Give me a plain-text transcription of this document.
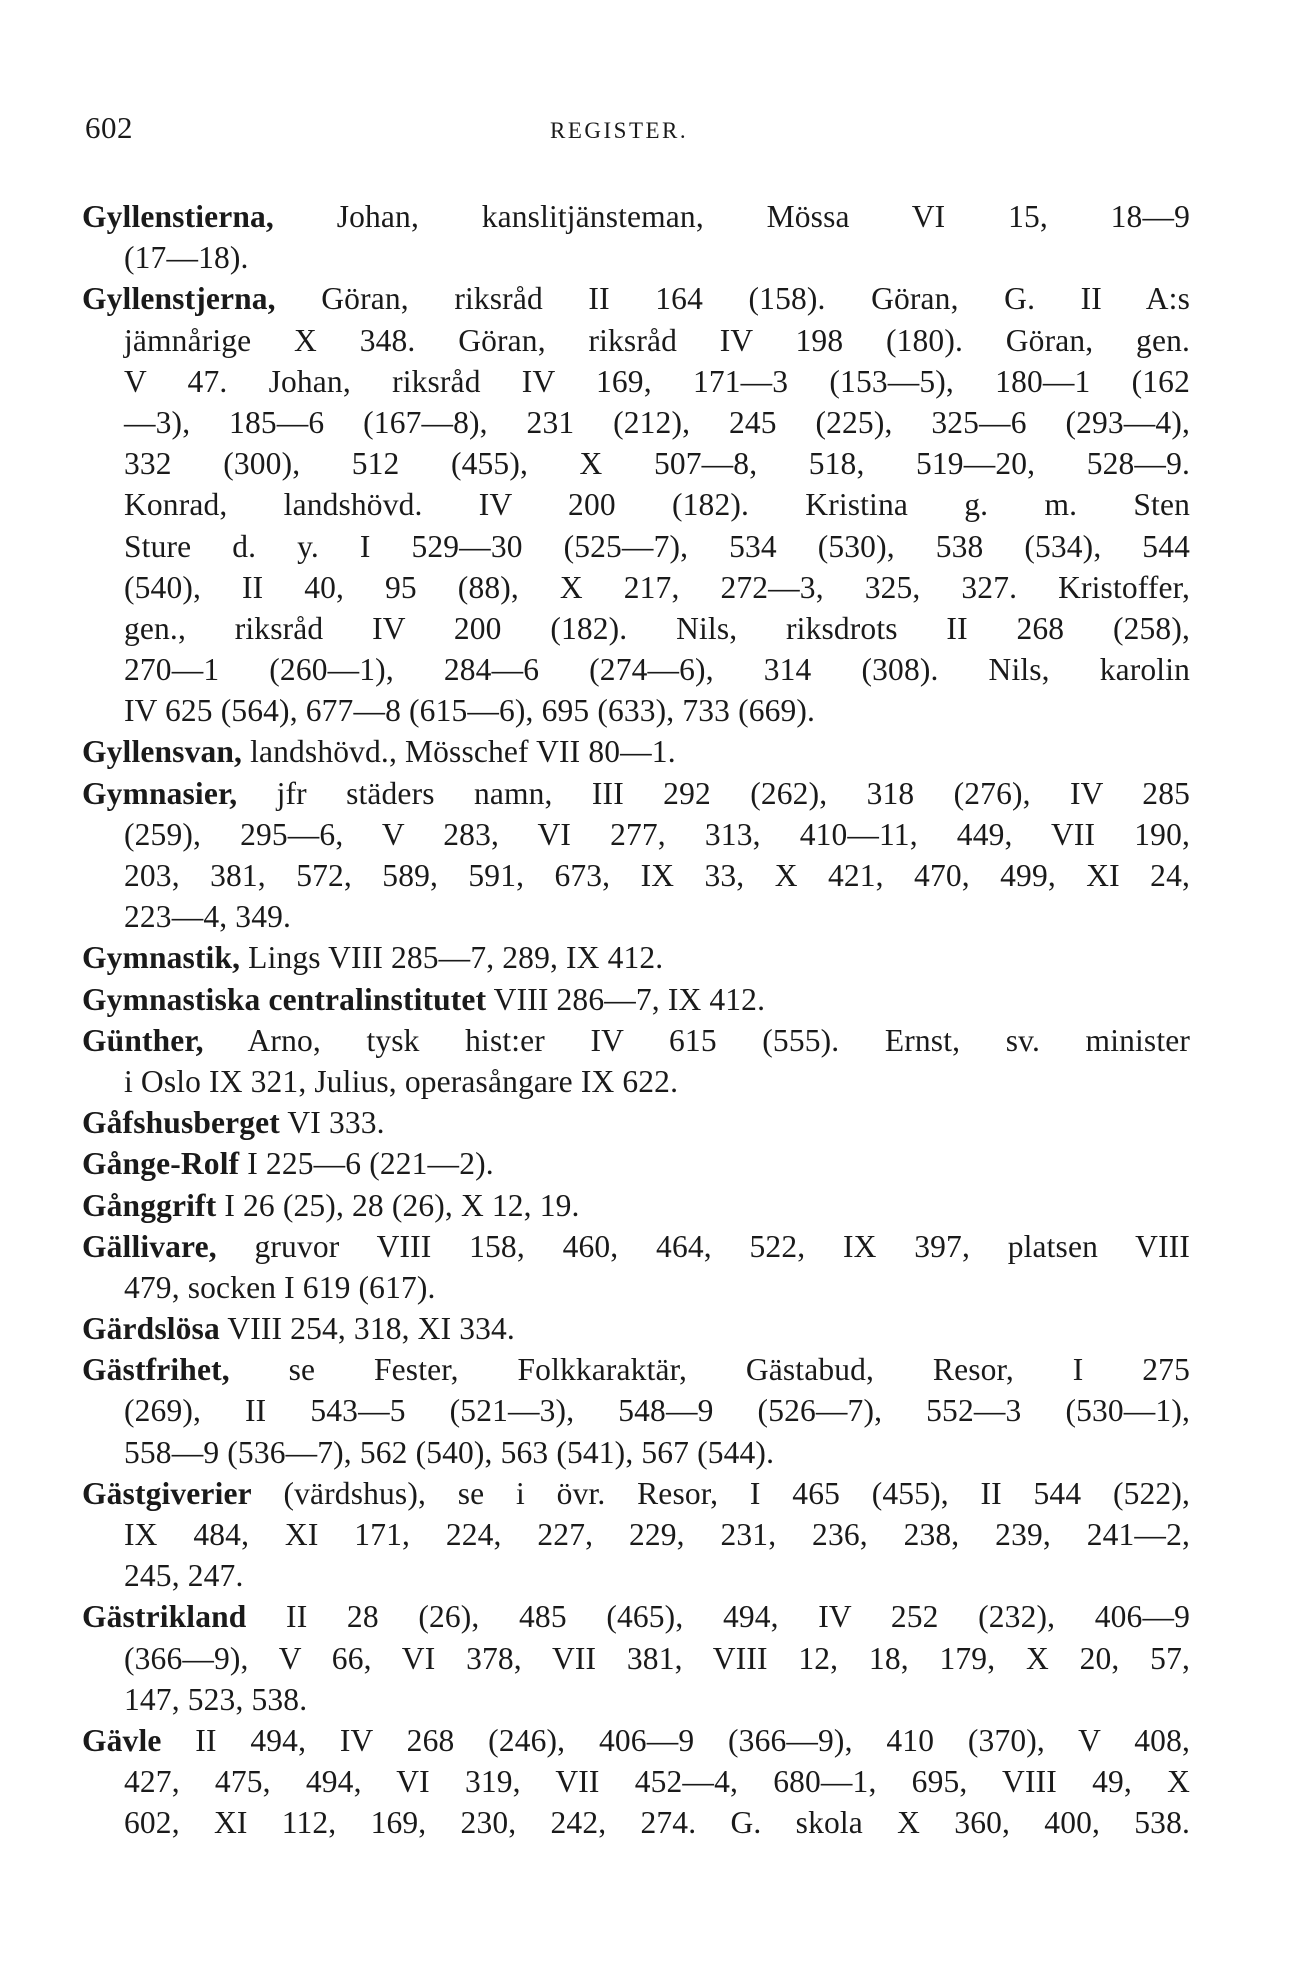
602	REGISTER.
Gyllenstierna, Johan, kanslitjänsteman, Mössa VI 15, 18—9
(17—18).
Gyllenstjerna, Göran, riksråd II 164 (158). Göran, G. II A:s
jämnårige X 348. Göran, riksråd IV 198 (180). Göran, gen.
V 47. Johan, riksråd IV 169, 171—3 (153—5), 180—1 (162
—3), 185—6 (167—8), 231 (212), 245 (225), 325—6 (293—4),
332 (300), 512 (455), X 507—8, 518, 519—20, 528—9.
Konrad, landshövd. IV 200 (182). Kristina g. m. Sten
Sture d. y. I 529—30 (525—7), 534 (530), 538 (534), 544
(540), II 40, 95 (88), X 217, 272—3, 325, 327. Kristoffer,
gen., riksråd IV 200 (182). Nils, riksdrots II 268 (258),
270—1 (260—1), 284—6 (274—6), 314 (308). Nils, karolin
IV 625 (564), 677—8 (615—6), 695 (633), 733 (669).
Gyllensvan, landshövd., Mösschef VII 80—1.
Gymnasier, jfr städers namn, III 292 (262), 318 (276), IV 285
(259), 295—6, V 283, VI 277, 313, 410—11, 449, VII 190,
203, 381, 572, 589, 591, 673, IX 33, X 421, 470, 499, XI 24,
223—4, 349.
Gymnastik, Lings VIII 285—7, 289, IX 412.
Gymnastiska centralinstitutet VIII 286—7, IX 412.
Günther, Arno, tysk hist:er IV 615 (555). Ernst, sv. minister
i Oslo IX 321, Julius, operasångare IX 622.
Gåfshusberget VI 333.
Gånge-Rolf I 225—6 (221—2).
Gånggrift I 26 (25), 28 (26), X 12, 19.
Gällivare, gruvor VIII 158, 460, 464, 522, IX 397, platsen VIII
479, socken I 619 (617).
Gärdslösa VIII 254, 318, XI 334.
Gästfrihet, se Fester, Folkkaraktär, Gästabud, Resor, I 275
(269), II 543—5 (521—3), 548—9 (526—7), 552—3 (530—1),
558—9 (536—7), 562 (540), 563 (541), 567 (544).
Gästgiverier (värdshus), se i övr. Resor, I 465 (455), II 544 (522),
IX 484, XI 171, 224, 227, 229, 231, 236, 238, 239, 241—2,
245, 247.
Gästrikland II 28 (26), 485 (465), 494, IV 252 (232), 406—9
(366—9), V 66, VI 378, VII 381, VIII 12, 18, 179, X 20, 57,
147, 523, 538.
Gävle II 494, IV 268 (246), 406—9 (366—9), 410 (370), V 408,
427, 475, 494, VI 319, VII 452—4, 680—1, 695, VIII 49, X
602, XI 112, 169, 230, 242, 274. G. skola X 360, 400, 538.
